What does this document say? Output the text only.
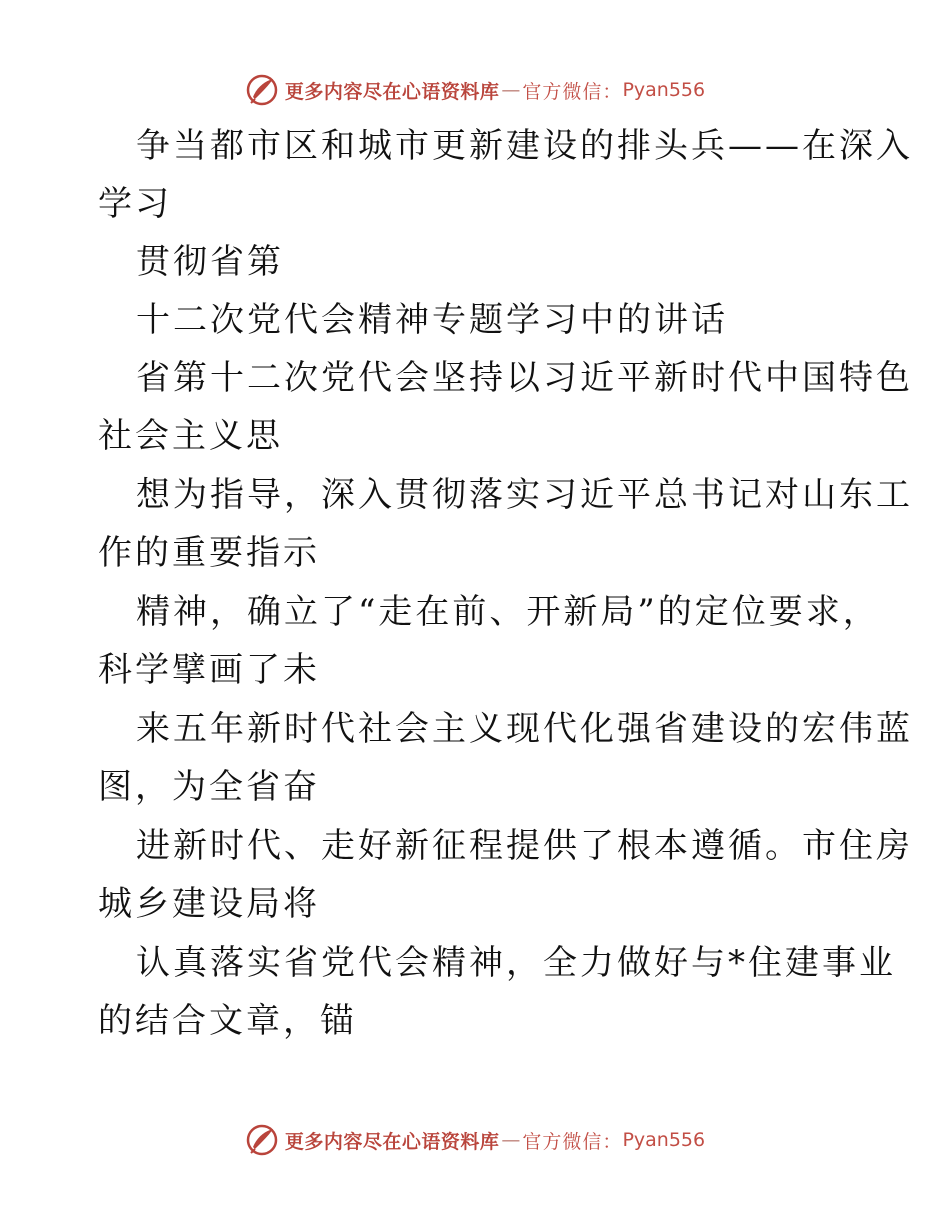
更多内容尽在心语资料库 — 官方微信： Pyan556
争当都市区和城市更新建设的排头兵——在深入
学习
贯彻省第
十二次党代会精神专题学习中的讲话
省第十二次党代会坚持以习近平新时代中国特色
社会主义思
想为指导，深入贯彻落实习近平总书记对山东工
作的重要指示
精神，确立了“走在前、开新局”的定位要求，
科学擘画了未
来五年新时代社会主义现代化强省建设的宏伟蓝
图，为全省奋
进新时代、走好新征程提供了根本遵循。市住房
城乡建设局将
认真落实省党代会精神，全力做好与*住建事业
的结合文章，锚
更多内容尽在心语资料库 — 官方微信： Pyan556
